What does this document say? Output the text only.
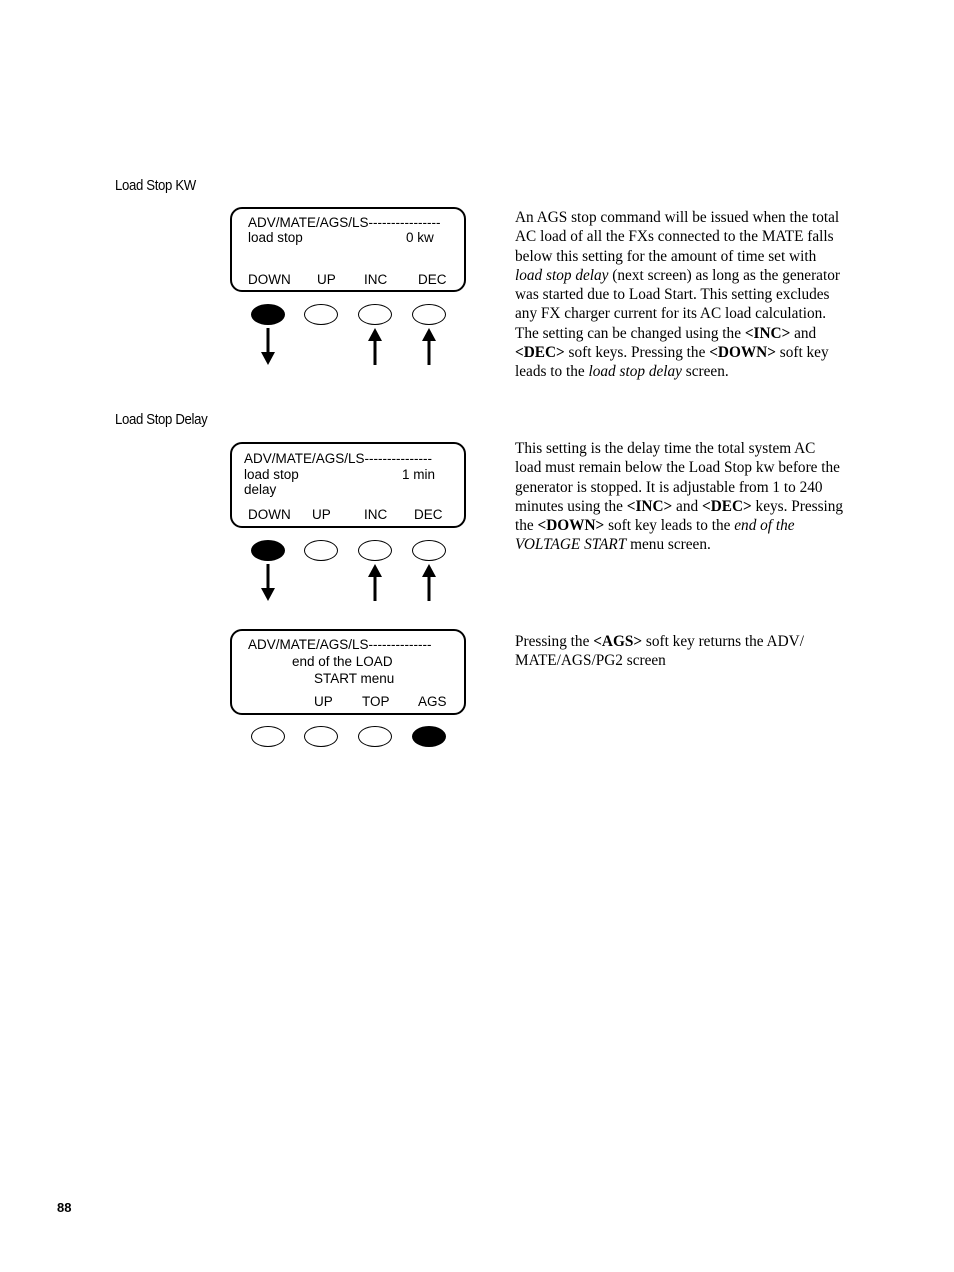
Load Stop KW
ADV/MATE/AGS/LS----------------
load stop	0 kw
DOWN UP INC DEC

An AGS stop command will be issued when the total AC load of all the FXs connected to the MATE falls below this setting for the amount of time set with load stop delay (next screen) as long as the generator was started due to Load Start. This setting excludes any FX charger current for its AC load calculation. The setting can be changed using the <INC> and <DEC> soft keys. Pressing the <DOWN> soft key leads to the load stop delay screen.

Load Stop Delay
ADV/MATE/AGS/LS---------------
load stop	1 min
delay
DOWN UP INC DEC

This setting is the delay time the total system AC load must remain below the Load Stop kw before the generator is stopped. It is adjustable from 1 to 240 minutes using the <INC> and <DEC> keys. Pressing the <DOWN> soft key leads to the end of the VOLTAGE START menu screen.

ADV/MATE/AGS/LS--------------
end of the LOAD
START menu
UP TOP AGS

Pressing the <AGS> soft key returns the ADV/ MATE/AGS/PG2 screen

88
